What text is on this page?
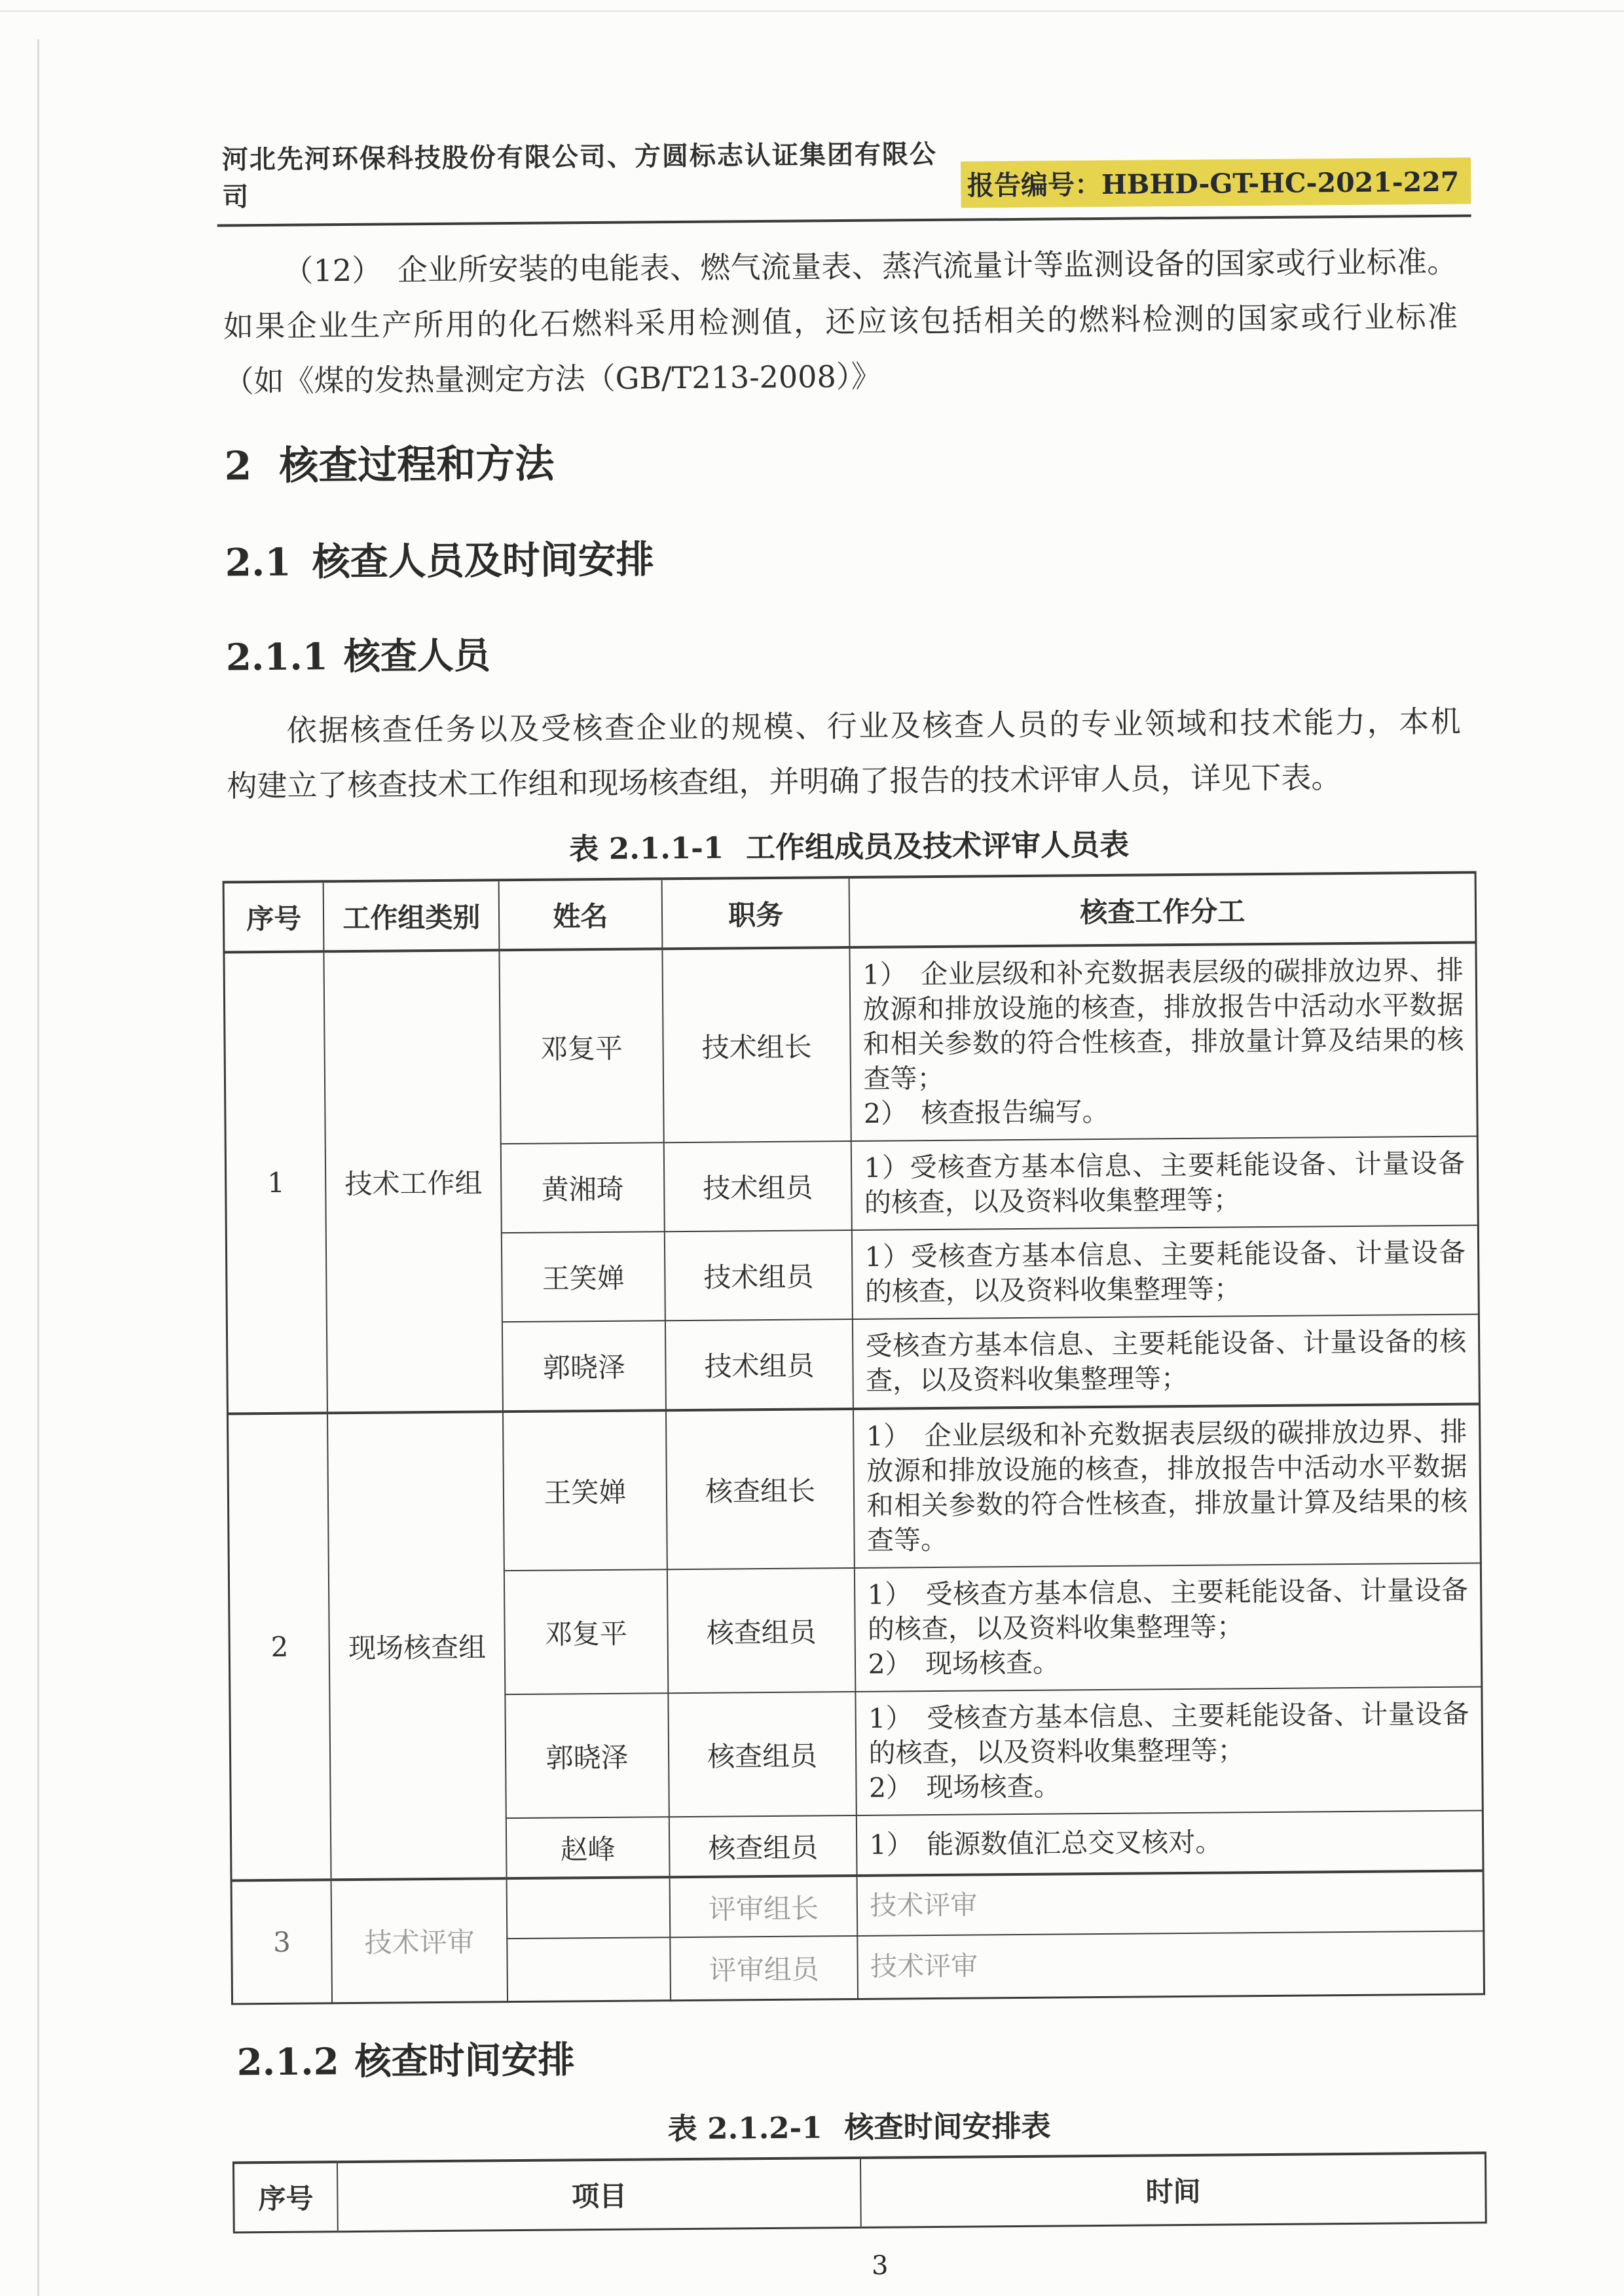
河北先河环保科技股份有限公司、方圆标志认证集团有限公司	报告编号：HBHD-GT-HC-2021-227
（12）　企业所安装的电能表、燃气流量表、蒸汽流量计等监测设备的国家或行业标准。
如果企业生产所用的化石燃料采用检测值，还应该包括相关的燃料检测的国家或行业标准
（如《煤的发热量测定方法（GB/T213-2008）》
2 核查过程和方法
2.1 核查人员及时间安排
2.1.1 核查人员
依据核查任务以及受核查企业的规模、行业及核查人员的专业领域和技术能力，本机
构建立了核查技术工作组和现场核查组，并明确了报告的技术评审人员，详见下表。
表 2.1.1-1 工作组成员及技术评审人员表
序号	工作组类别	姓名	职务	核查工作分工
1	技术工作组	邓复平	技术组长	1）　企业层级和补充数据表层级的碳排放边界、排放源和排放设施的核查，排放报告中活动水平数据和相关参数的符合性核查，排放量计算及结果的核查等；
2）　核查报告编写。
		黄湘琦	技术组员	1）受核查方基本信息、主要耗能设备、计量设备的核查，以及资料收集整理等；
		王笑婵	技术组员	1）受核查方基本信息、主要耗能设备、计量设备的核查，以及资料收集整理等；
		郭晓泽	技术组员	受核查方基本信息、主要耗能设备、计量设备的核查，以及资料收集整理等；
2	现场核查组	王笑婵	核查组长	1）　企业层级和补充数据表层级的碳排放边界、排放源和排放设施的核查，排放报告中活动水平数据和相关参数的符合性核查，排放量计算及结果的核查等。
		邓复平	核查组员	1）　受核查方基本信息、主要耗能设备、计量设备的核查，以及资料收集整理等；
2）　现场核查。
		郭晓泽	核查组员	1）　受核查方基本信息、主要耗能设备、计量设备的核查，以及资料收集整理等；
2）　现场核查。
		赵峰	核查组员	1）　能源数值汇总交叉核对。
3	技术评审		评审组长	技术评审
			评审组员	技术评审
2.1.2 核查时间安排
表 2.1.2-1 核查时间安排表
序号	项目	时间
3
